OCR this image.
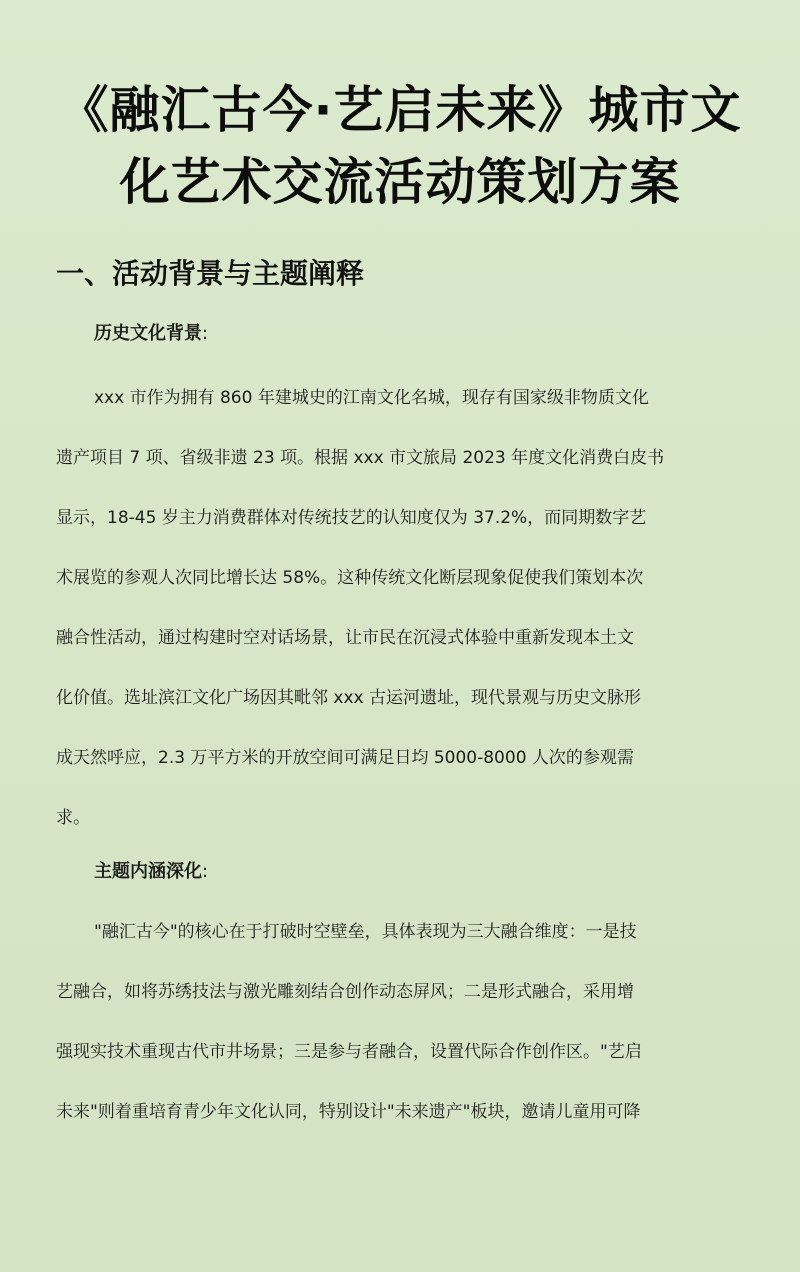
《融汇古今·艺启未来》城市文
化艺术交流活动策划方案
一、活动背景与主题阐释

历史文化背景:

xxx 市作为拥有 860 年建城史的江南文化名城，现存有国家级非物质文化
遗产项目 7 项、省级非遗 23 项。根据 xxx 市文旅局 2023 年度文化消费白皮书
显示，18-45 岁主力消费群体对传统技艺的认知度仅为 37.2%，而同期数字艺
术展览的参观人次同比增长达 58%。这种传统文化断层现象促使我们策划本次
融合性活动，通过构建时空对话场景，让市民在沉浸式体验中重新发现本土文
化价值。选址滨江文化广场因其毗邻 xxx 古运河遗址，现代景观与历史文脉形
成天然呼应，2.3 万平方米的开放空间可满足日均 5000-8000 人次的参观需
求。

主题内涵深化:

"融汇古今"的核心在于打破时空壁垒，具体表现为三大融合维度：一是技
艺融合，如将苏绣技法与激光雕刻结合创作动态屏风；二是形式融合，采用增
强现实技术重现古代市井场景；三是参与者融合，设置代际合作创作区。"艺启
未来"则着重培育青少年文化认同，特别设计"未来遗产"板块，邀请儿童用可降
